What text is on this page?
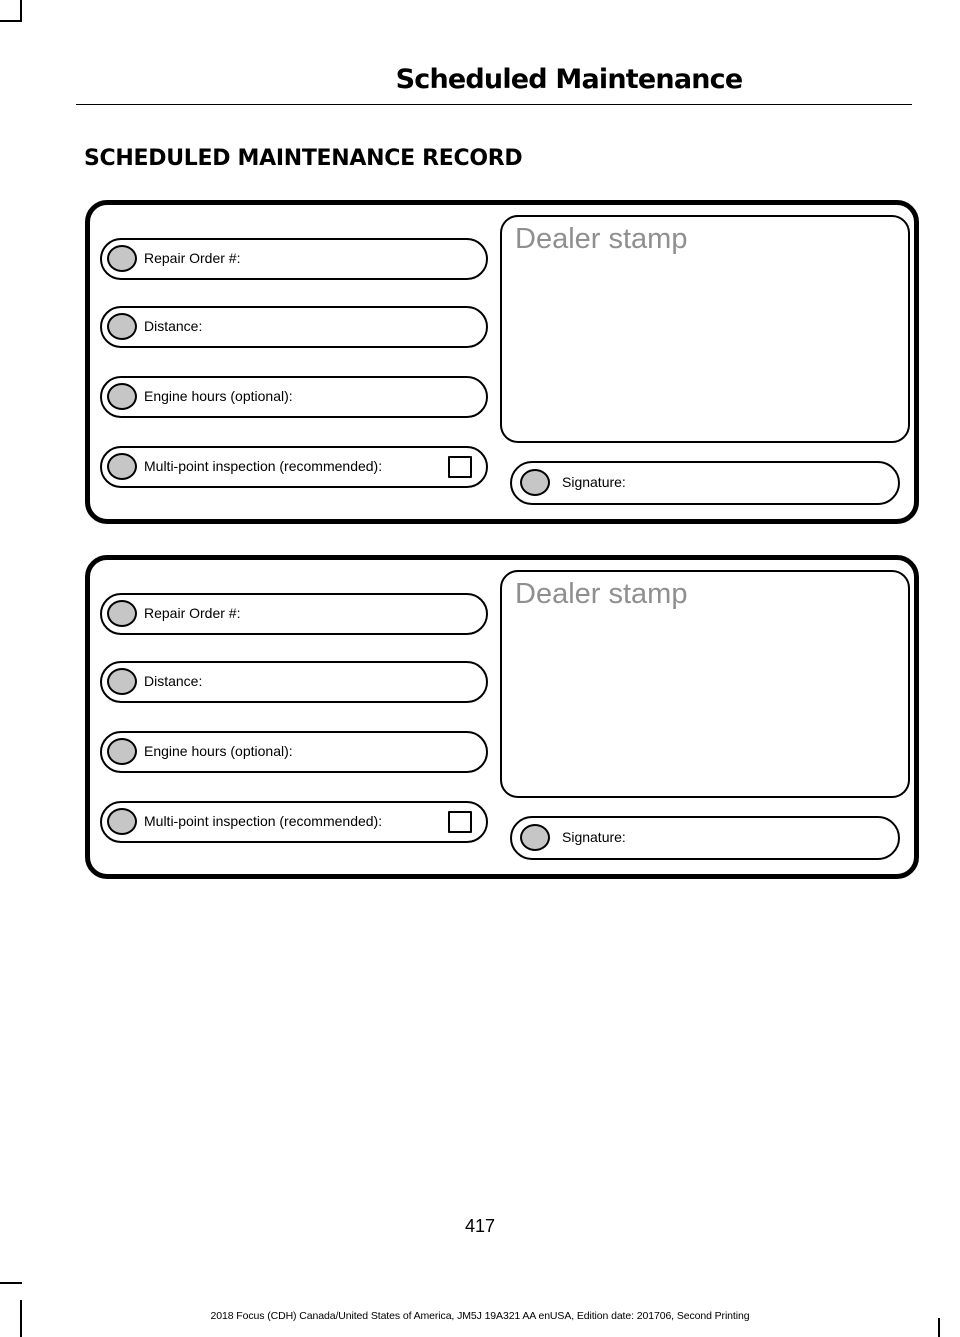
Scheduled Maintenance
SCHEDULED MAINTENANCE RECORD
Repair Order #:
Distance:
Engine hours (optional):
Multi-point inspection (recommended):
Dealer stamp
Signature:
Repair Order #:
Distance:
Engine hours (optional):
Multi-point inspection (recommended):
Dealer stamp
Signature:
417
2018 Focus (CDH) Canada/United States of America, JM5J 19A321 AA enUSA, Edition date: 201706, Second Printing
